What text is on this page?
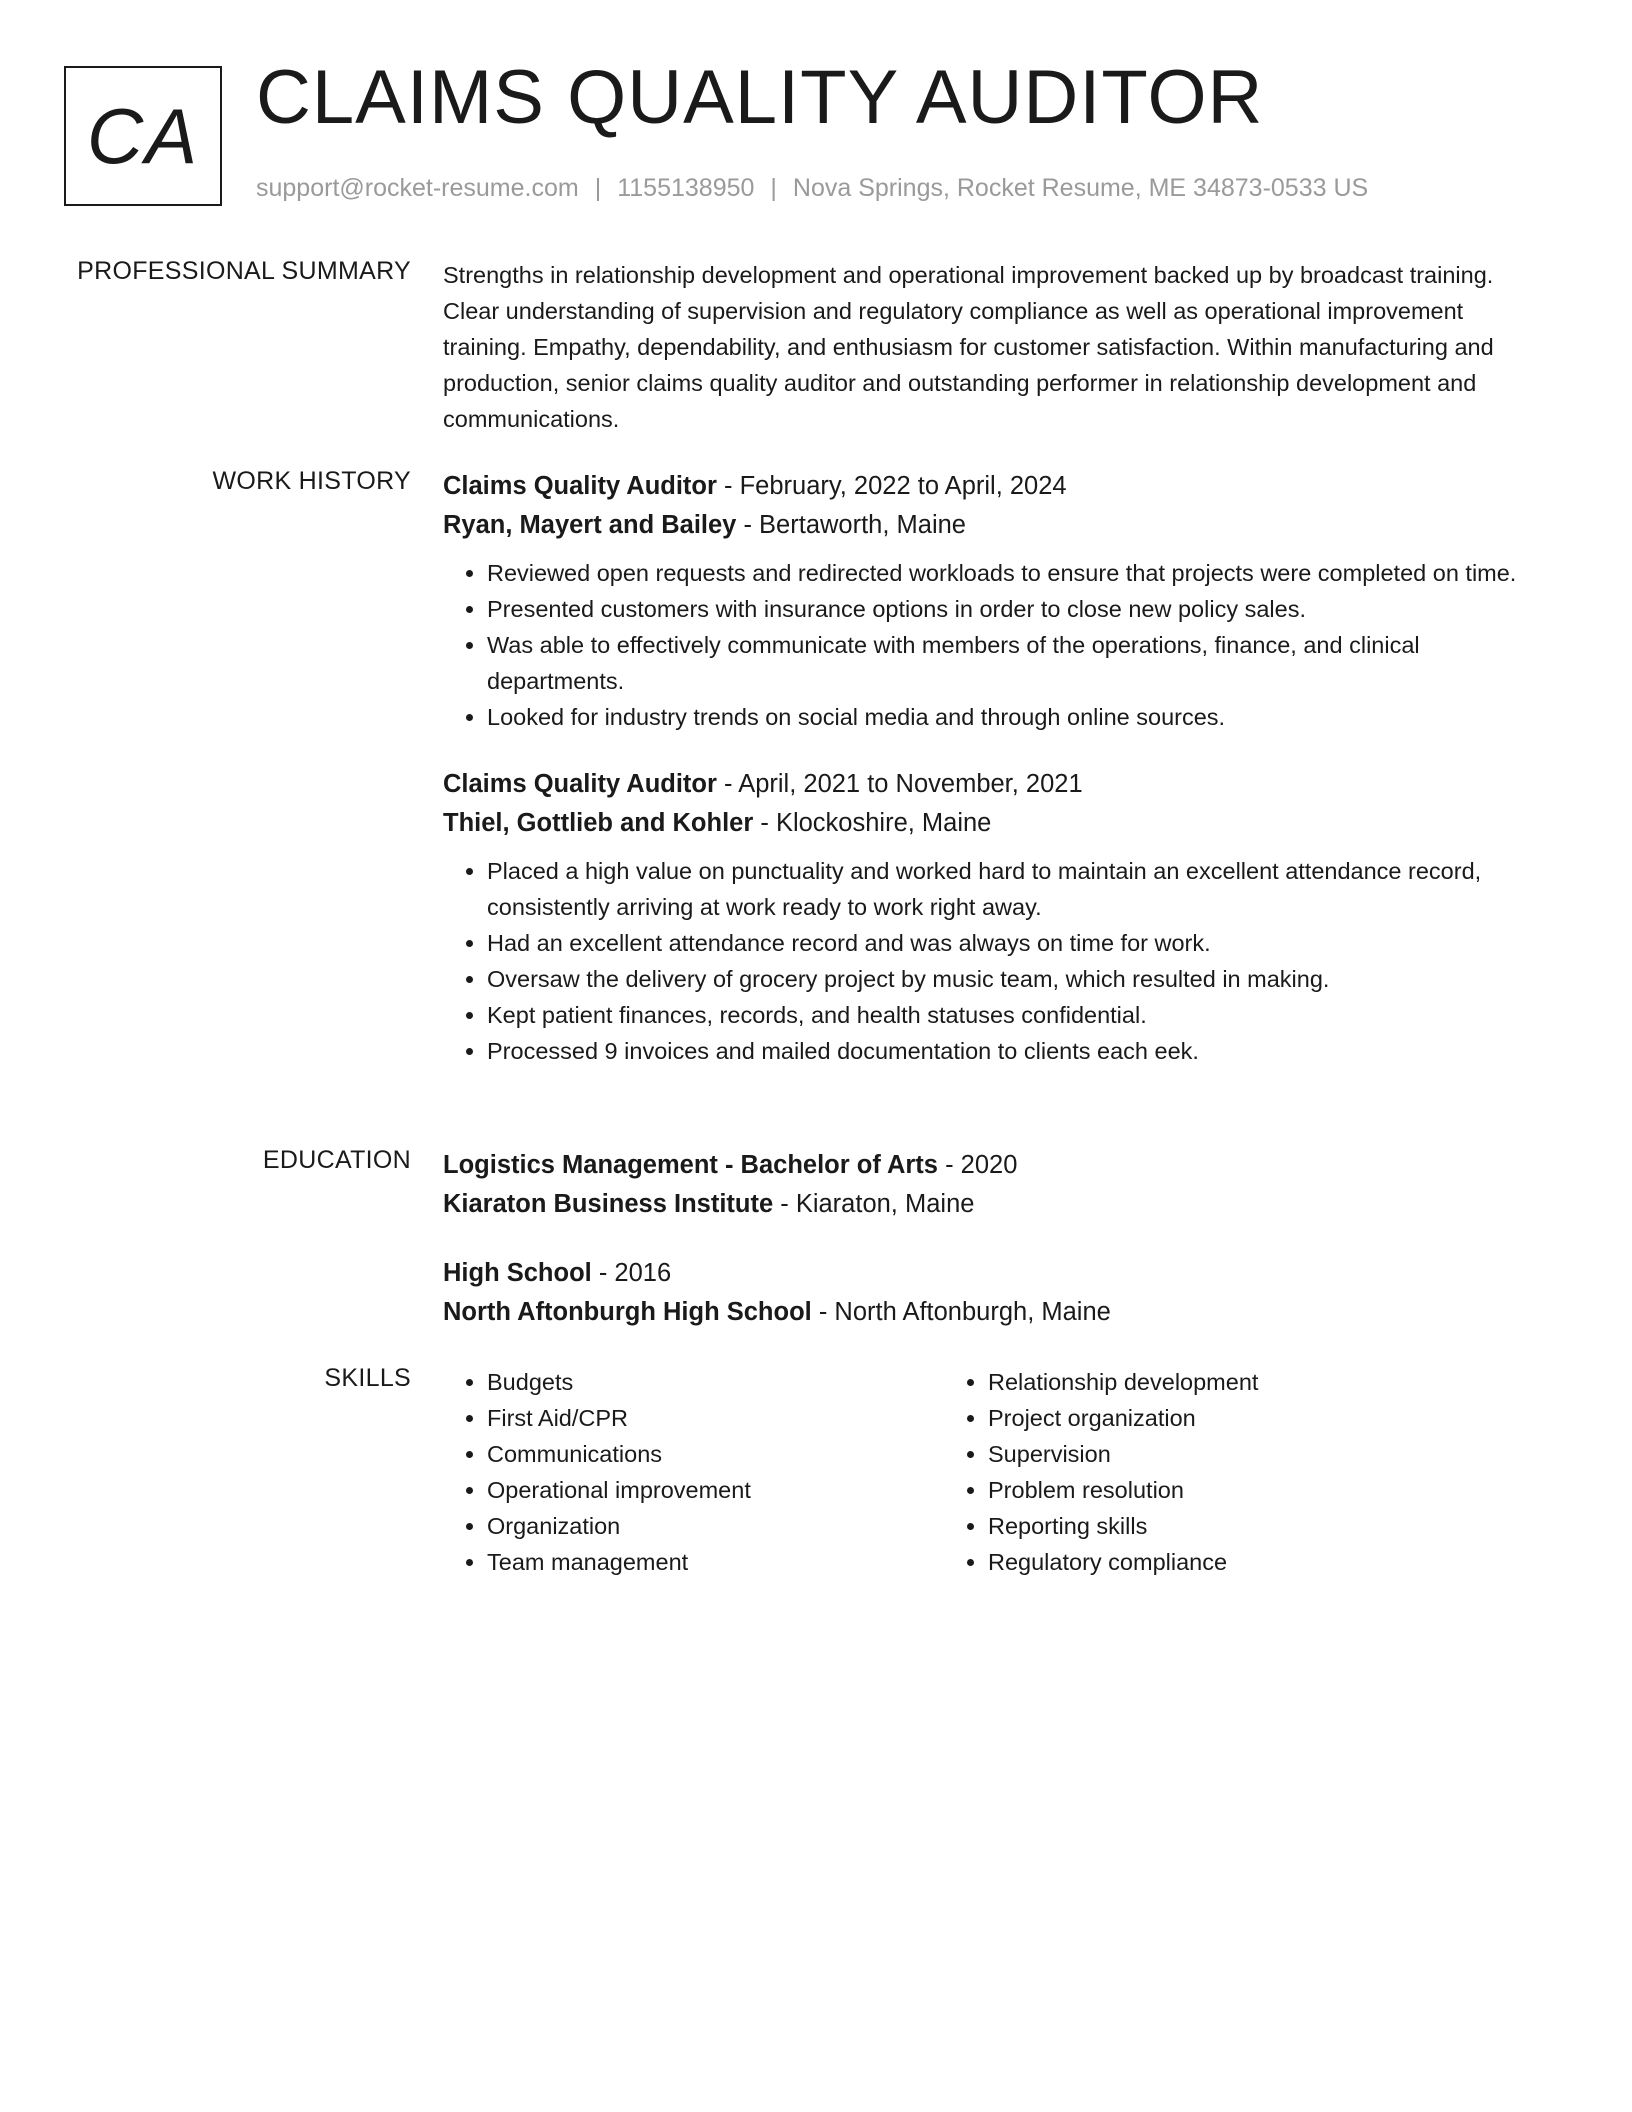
CA CLAIMS QUALITY AUDITOR
support@rocket-resume.com | 1155138950 | Nova Springs, Rocket Resume, ME 34873-0533 US
PROFESSIONAL SUMMARY Strengths in relationship development and operational improvement backed up by broadcast training. Clear understanding of supervision and regulatory compliance as well as operational improvement training. Empathy, dependability, and enthusiasm for customer satisfaction. Within manufacturing and production, senior claims quality auditor and outstanding performer in relationship development and communications.

WORK HISTORY Claims Quality Auditor - February, 2022 to April, 2024
Ryan, Mayert and Bailey - Bertaworth, Maine
• Reviewed open requests and redirected workloads to ensure that projects were completed on time.
• Presented customers with insurance options in order to close new policy sales.
• Was able to effectively communicate with members of the operations, finance, and clinical departments.
• Looked for industry trends on social media and through online sources.
Claims Quality Auditor - April, 2021 to November, 2021
Thiel, Gottlieb and Kohler - Klockoshire, Maine
• Placed a high value on punctuality and worked hard to maintain an excellent attendance record, consistently arriving at work ready to work right away.
• Had an excellent attendance record and was always on time for work.
• Oversaw the delivery of grocery project by music team, which resulted in making.
• Kept patient finances, records, and health statuses confidential.
• Processed 9 invoices and mailed documentation to clients each eek.
EDUCATION Logistics Management - Bachelor of Arts - 2020
Kiaraton Business Institute - Kiaraton, Maine
High School - 2016
North Aftonburgh High School - North Aftonburgh, Maine
SKILLS
•	Budgets
• First Aid/CPR
• Communications
• Operational improvement
• Organization
• Team management
• Relationship development
• Project organization
• Supervision
• Problem resolution
• Reporting skills
• Regulatory compliance
